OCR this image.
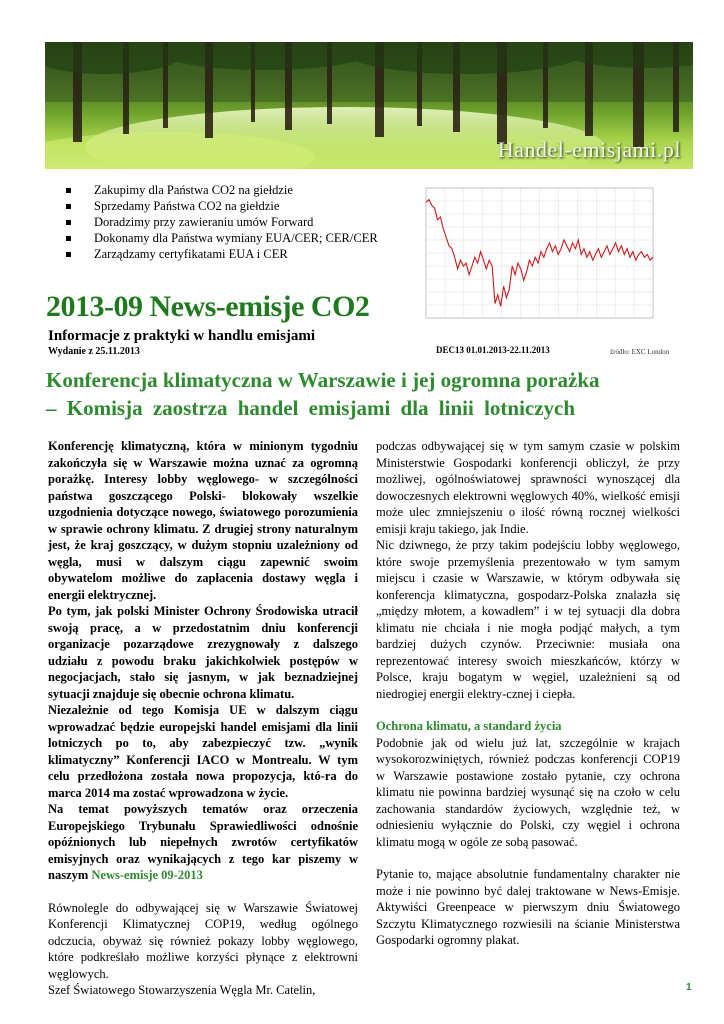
Handel-emisjami.pl
Zakupimy dla Państwa CO2 na giełdzie
Sprzedamy Państwa CO2 na giełdzie
Doradzimy przy zawieraniu umów Forward
Dokonamy dla Państwa wymiany EUA/CER; CER/CER
Zarządzamy certyfikatami EUA i CER
2013-09 News-emisje CO2
Informacje z praktyki w handlu emisjami
Wydanie z 25.11.2013	DEC13 01.01.2013-22.11.2013	źródło: EXC London
Konferencja klimatyczna w Warszawie i jej ogromna porażka
– Komisja zaostrza handel emisjami dla linii lotniczych

Konferencję klimatyczną, która w minionym tygodniu zakończyła się w Warszawie można uznać za ogromną porażkę. Interesy lobby węglowego- w szczególności państwa goszczącego Polski- blokowały wszelkie uzgodnienia dotyczące nowego, światowego porozumienia w sprawie ochrony klimatu. Z drugiej strony naturalnym jest, że kraj goszczący, w dużym stopniu uzależniony od węgla, musi w dalszym ciągu zapewnić swoim obywatelom możliwe do zapłacenia dostawy węgla i energii elektrycznej.

Po tym, jak polski Minister Ochrony Środowiska utracił swoją pracę, a w przedostatnim dniu konferencji organizacje pozarządowe zrezygnowały z dalszego udziału z powodu braku jakichkolwiek postępów w negocjacjach, stało się jasnym, w jak beznadziejnej sytuacji znajduje się obecnie ochrona klimatu.

Niezależnie od tego Komisja UE w dalszym ciągu wprowadzać będzie europejski handel emisjami dla linii lotniczych po to, aby zabezpieczyć tzw. „wynik klimatyczny” Konferencji IACO w Montrealu. W tym celu przedłożona została nowa propozycja, któ-ra do marca 2014 ma zostać wprowadzona w życie.

Na temat powyższych tematów oraz orzeczenia Europejskiego Trybunału Sprawiedliwości odnośnie opóźnionych lub niepełnych zwrotów certyfikatów emisyjnych oraz wynikających z tego kar piszemy w naszym News-emisje 09-2013

Równolegle do odbywającej się w Warszawie Światowej Konferencji Klimatycznej COP19, według ogólnego odczucia, obyważ się również pokazy lobby węglowego, które podkreślało możliwe korzyści płynące z elektrowni węglowych.

Szef Światowego Stowarzyszenia Węgla Mr. Catelin,

podczas odbywającej się w tym samym czasie w polskim Ministerstwie Gospodarki konferencji obliczył, że przy możliwej, ogólnoświatowej sprawności wynoszącej dla dowoczesnych elektrowni węglowych 40%, wielkość emisji może ulec zmniejszeniu o ilość równą rocznej wielkości emisji kraju takiego, jak Indie.

Nic dziwnego, że przy takim podejściu lobby węglowego, które swoje przemyślenia prezentowało w tym samym miejscu i czasie w Warszawie, w którym odbywała się konferencja klimatyczna, gospodarz-Polska znalazła się „między młotem, a kowadłem” i w tej sytuacji dla dobra klimatu nie chciała i nie mogła podjąć małych, a tym bardziej dużych czynów. Przeciwnie: musiała ona reprezentować interesy swoich mieszkańców, którzy w Polsce, kraju bogatym w węgiel, uzależnieni są od niedrogiej energii elektry-cznej i ciepła.

Ochrona klimatu, a standard życia

Podobnie jak od wielu już lat, szczególnie w krajach wysokorozwiniętych, również podczas konferencji COP19 w Warszawie postawione zostało pytanie, czy ochrona klimatu nie powinna bardziej wysunąć się na czoło w celu zachowania standardów życiowych, względnie też, w odniesieniu wyłącznie do Polski, czy węgiel i ochrona klimatu mogą w ogóle ze sobą pasować.

Pytanie to, mające absolutnie fundamentalny charakter nie może i nie powinno być dalej traktowane w News-Emisje. Aktywiści Greenpeace w pierwszym dniu Światowego Szczytu Klimatycznego rozwiesili na ścianie Ministerstwa Gospodarki ogromny plakat.

1
